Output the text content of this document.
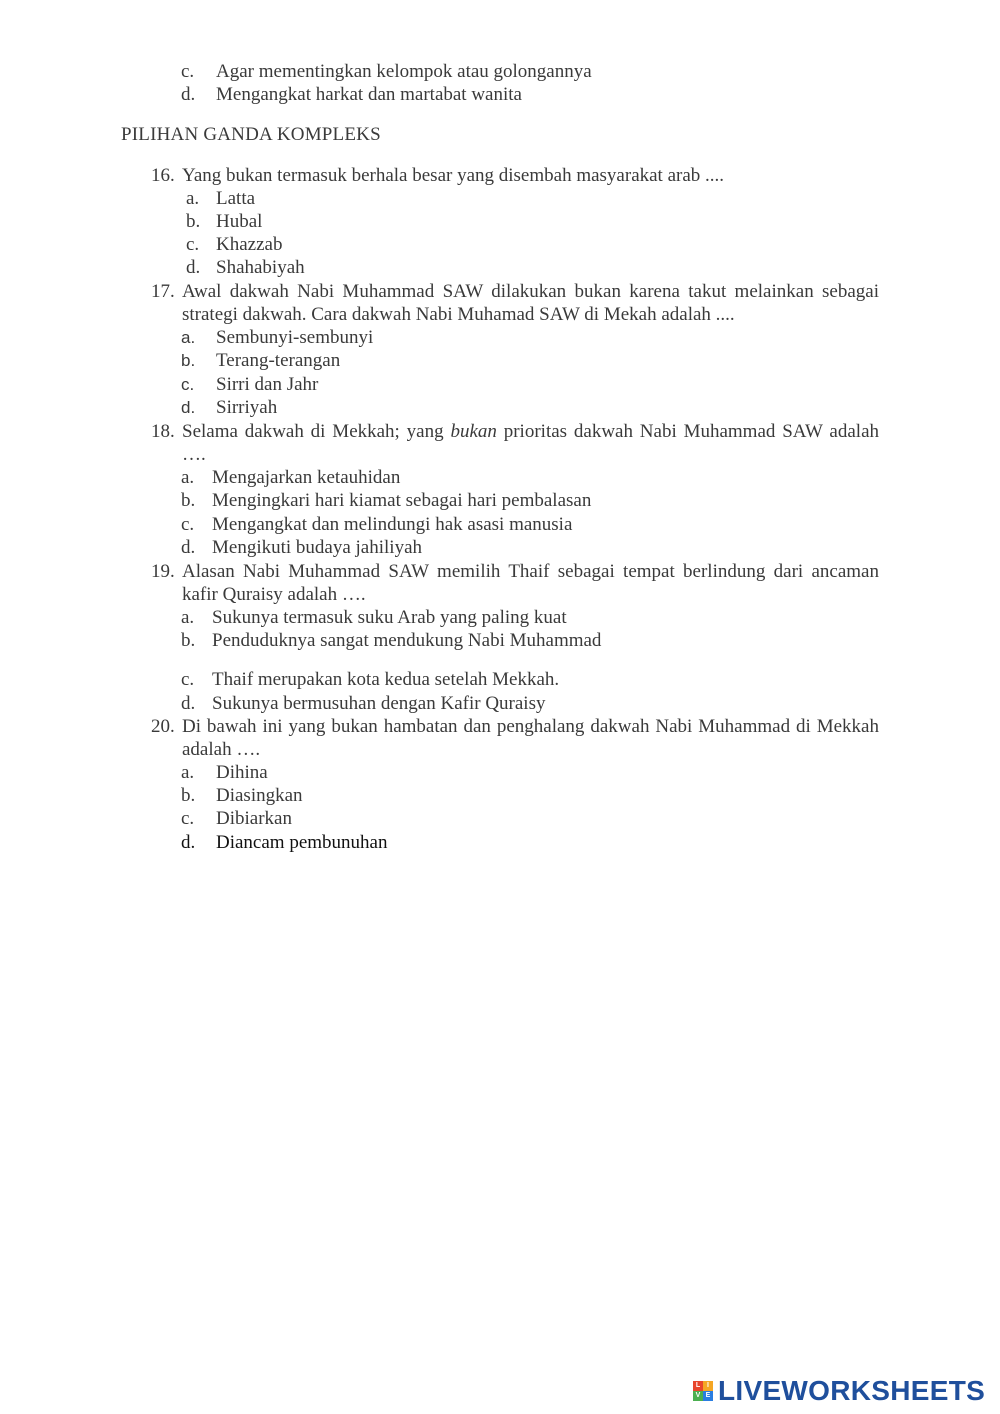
c. Agar mementingkan kelompok atau golongannya
d. Mengangkat harkat dan martabat wanita
PILIHAN GANDA KOMPLEKS
16. Yang bukan termasuk berhala besar yang disembah masyarakat arab ....
a. Latta
b. Hubal
c. Khazzab
d. Shahabiyah
17. Awal dakwah Nabi Muhammad SAW dilakukan bukan karena takut melainkan sebagai strategi dakwah. Cara dakwah Nabi Muhamad SAW di Mekah adalah ....
a. Sembunyi-sembunyi
b. Terang-terangan
c. Sirri dan Jahr
d. Sirriyah
18. Selama dakwah di Mekkah; yang bukan prioritas dakwah Nabi Muhammad SAW adalah ….
a. Mengajarkan ketauhidan
b. Mengingkari hari kiamat sebagai hari pembalasan
c. Mengangkat dan melindungi hak asasi manusia
d. Mengikuti budaya jahiliyah
19. Alasan Nabi Muhammad SAW memilih Thaif sebagai tempat berlindung dari ancaman kafir Quraisy adalah ….
a. Sukunya termasuk suku Arab yang paling kuat
b. Penduduknya sangat mendukung Nabi Muhammad
c. Thaif merupakan kota kedua setelah Mekkah.
d. Sukunya bermusuhan dengan Kafir Quraisy
20. Di bawah ini yang bukan hambatan dan penghalang dakwah Nabi Muhammad di Mekkah adalah ….
a. Dihina
b. Diasingkan
c. Dibiarkan
d. Diancam pembunuhan
L I
V E LIVEWORKSHEETS
